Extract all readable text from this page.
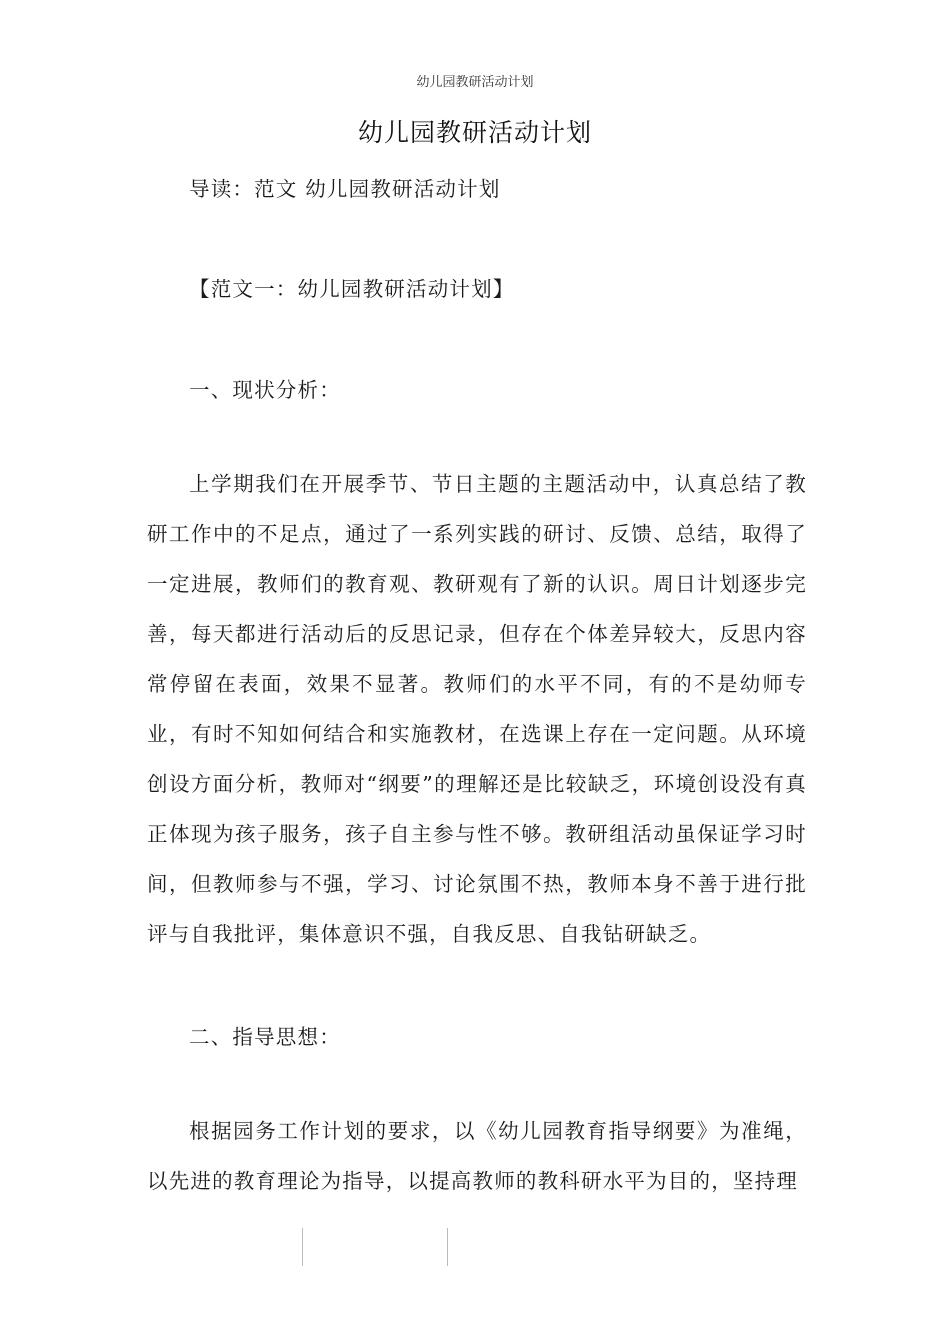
幼儿园教研活动计划
幼儿园教研活动计划
导读：范文 幼儿园教研活动计划
【范文一：幼儿园教研活动计划】
一、现状分析：
上学期我们在开展季节、节日主题的主题活动中，认真总结了教研工作中的不足点，通过了一系列实践的研讨、反馈、总结，取得了一定进展，教师们的教育观、教研观有了新的认识。周日计划逐步完善，每天都进行活动后的反思记录，但存在个体差异较大，反思内容常停留在表面，效果不显著。教师们的水平不同，有的不是幼师专业，有时不知如何结合和实施教材，在选课上存在一定问题。从环境创设方面分析，教师对“纲要”的理解还是比较缺乏，环境创设没有真正体现为孩子服务，孩子自主参与性不够。教研组活动虽保证学习时间，但教师参与不强，学习、讨论氛围不热，教师本身不善于进行批评与自我批评，集体意识不强，自我反思、自我钻研缺乏。
二、指导思想：
根据园务工作计划的要求，以《幼儿园教育指导纲要》为准绳，以先进的教育理论为指导，以提高教师的教科研水平为目的，坚持理
